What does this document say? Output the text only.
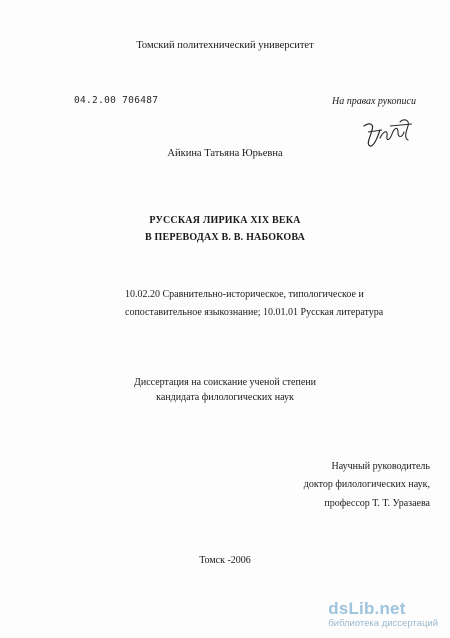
Томский политехнический университет
04.2.00 706487	На правах рукописи
Айкина Татьяна Юрьевна
РУССКАЯ ЛИРИКА XIX ВЕКА
В ПЕРЕВОДАХ В. В. НАБОКОВА
10.02.20 Сравнительно-историческое, типологическое и
сопоставительное языкознание; 10.01.01 Русская литература
Диссертация на соискание ученой степени
кандидата филологических наук
Научный руководитель
доктор филологических наук,
профессор Т. Т. Уразаева
Томск -2006
dsLib.net
библиотека диссертаций
